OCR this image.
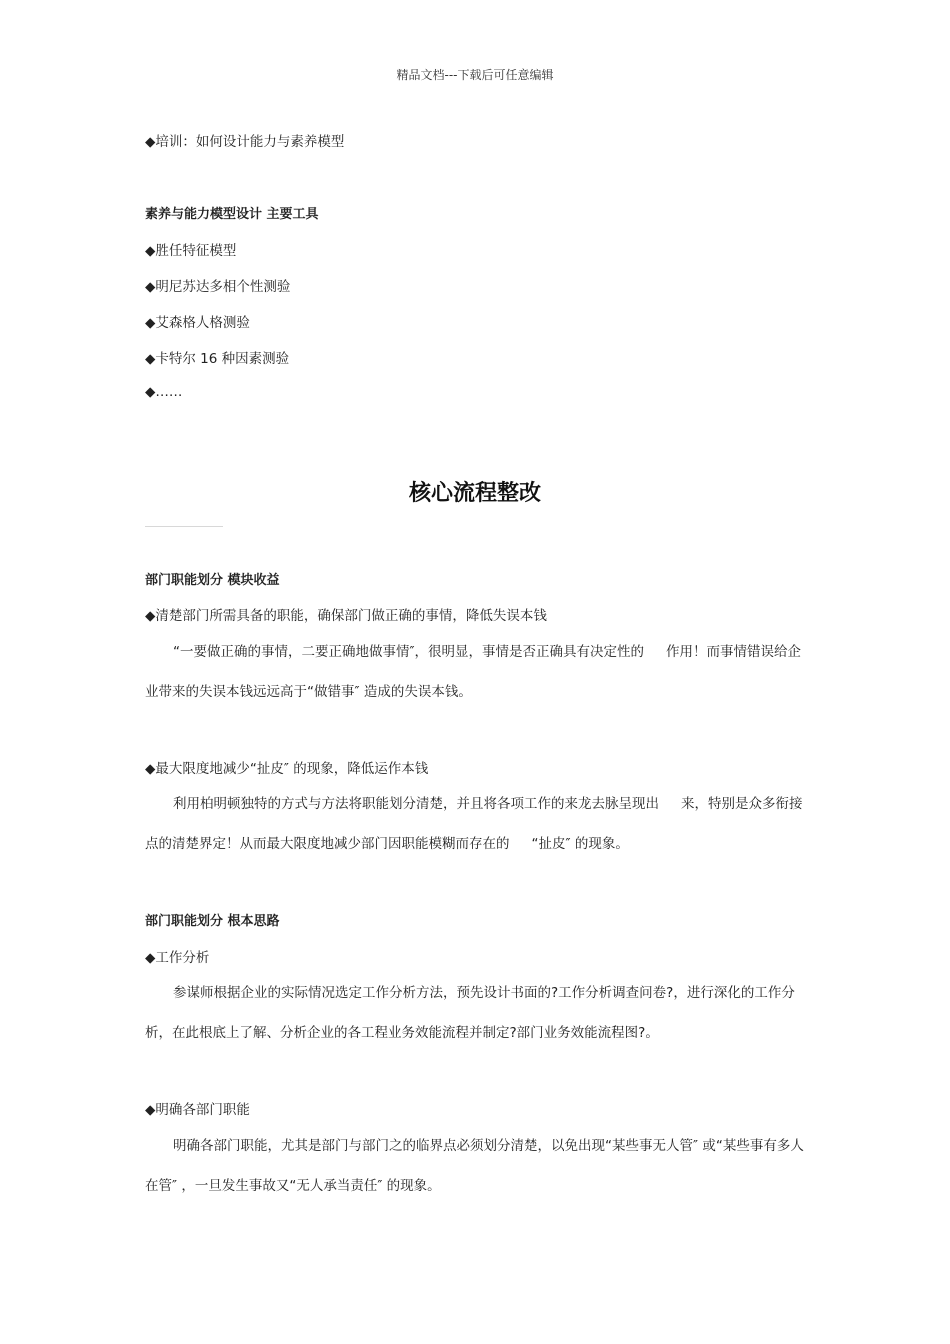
精品文档---下载后可任意编辑
◆培训：如何设计能力与素养模型
素养与能力模型设计 主要工具
◆胜任特征模型
◆明尼苏达多相个性测验
◆艾森格人格测验
◆卡特尔 16 种因素测验
◆……
核心流程整改
部门职能划分 模块收益
◆清楚部门所需具备的职能，确保部门做正确的事情，降低失误本钱
“一要做正确的事情，二要正确地做事情″，很明显，事情是否正确具有决定性的 作用！而事情错误给企业带来的失误本钱远远高于“做错事″ 造成的失误本钱。
◆最大限度地减少“扯皮″ 的现象，降低运作本钱
利用柏明顿独特的方式与方法将职能划分清楚，并且将各项工作的来龙去脉呈现出 来，特别是众多衔接点的清楚界定！从而最大限度地减少部门因职能模糊而存在的 “扯皮″ 的现象。
部门职能划分 根本思路
◆工作分析
参谋师根据企业的实际情况选定工作分析方法，预先设计书面的?工作分析调查问卷?，进行深化的工作分析，在此根底上了解、分析企业的各工程业务效能流程并制定?部门业务效能流程图?。
◆明确各部门职能
明确各部门职能，尤其是部门与部门之的临界点必须划分清楚，以免出现“某些事无人管″ 或“某些事有多人在管″ ，一旦发生事故又“无人承当责任″ 的现象。
